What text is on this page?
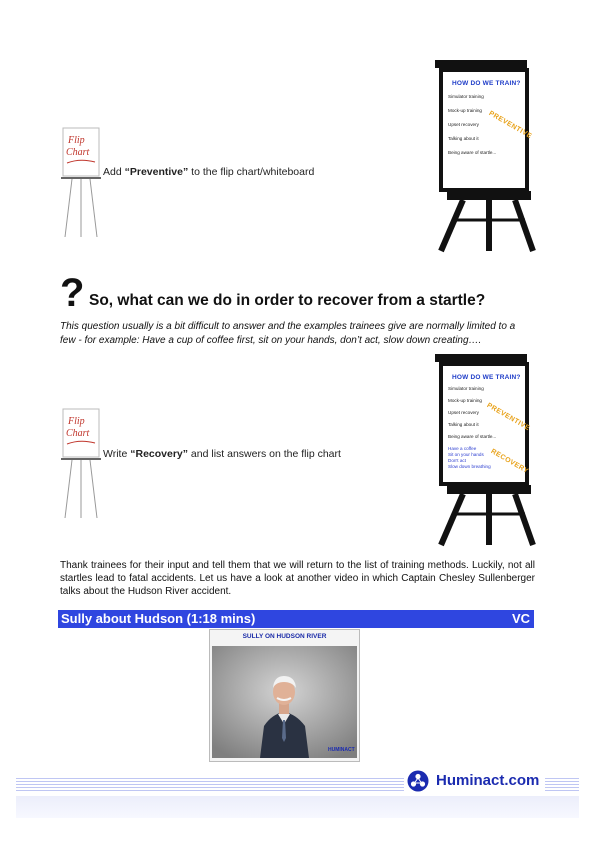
Flip
Chart
Add “Preventive” to the flip chart/whiteboard
HOW DO WE TRAIN?
Simulator training
Mock-up training
Upset recovery
Talking about it
Being aware of startle...
PREVENTIVE
? So, what can we do in order to recover from a startle?
This question usually is a bit difficult to answer and the examples trainees give are normally limited to a few - for example: Have a cup of coffee first, sit on your hands, don’t act, slow down creating….
Flip
Chart
Write “Recovery” and list answers on the flip chart
HOW DO WE TRAIN?
Simulator training
Mock-up training
Upset recovery
Talking about it
Being aware of startle...
Have a coffee
Sit on your hands
Don't act
Slow down breathing
PREVENTIVE
RECOVERY
Thank trainees for their input and tell them that we will return to the list of training methods. Luckily, not all startles lead to fatal accidents. Let us have a look at another video in which Captain Chesley Sullenberger talks about the Hudson River accident.
Sully about Hudson (1:18 mins)	VC
SULLY ON HUDSON RIVER
HUMINACT
Huminact.com
